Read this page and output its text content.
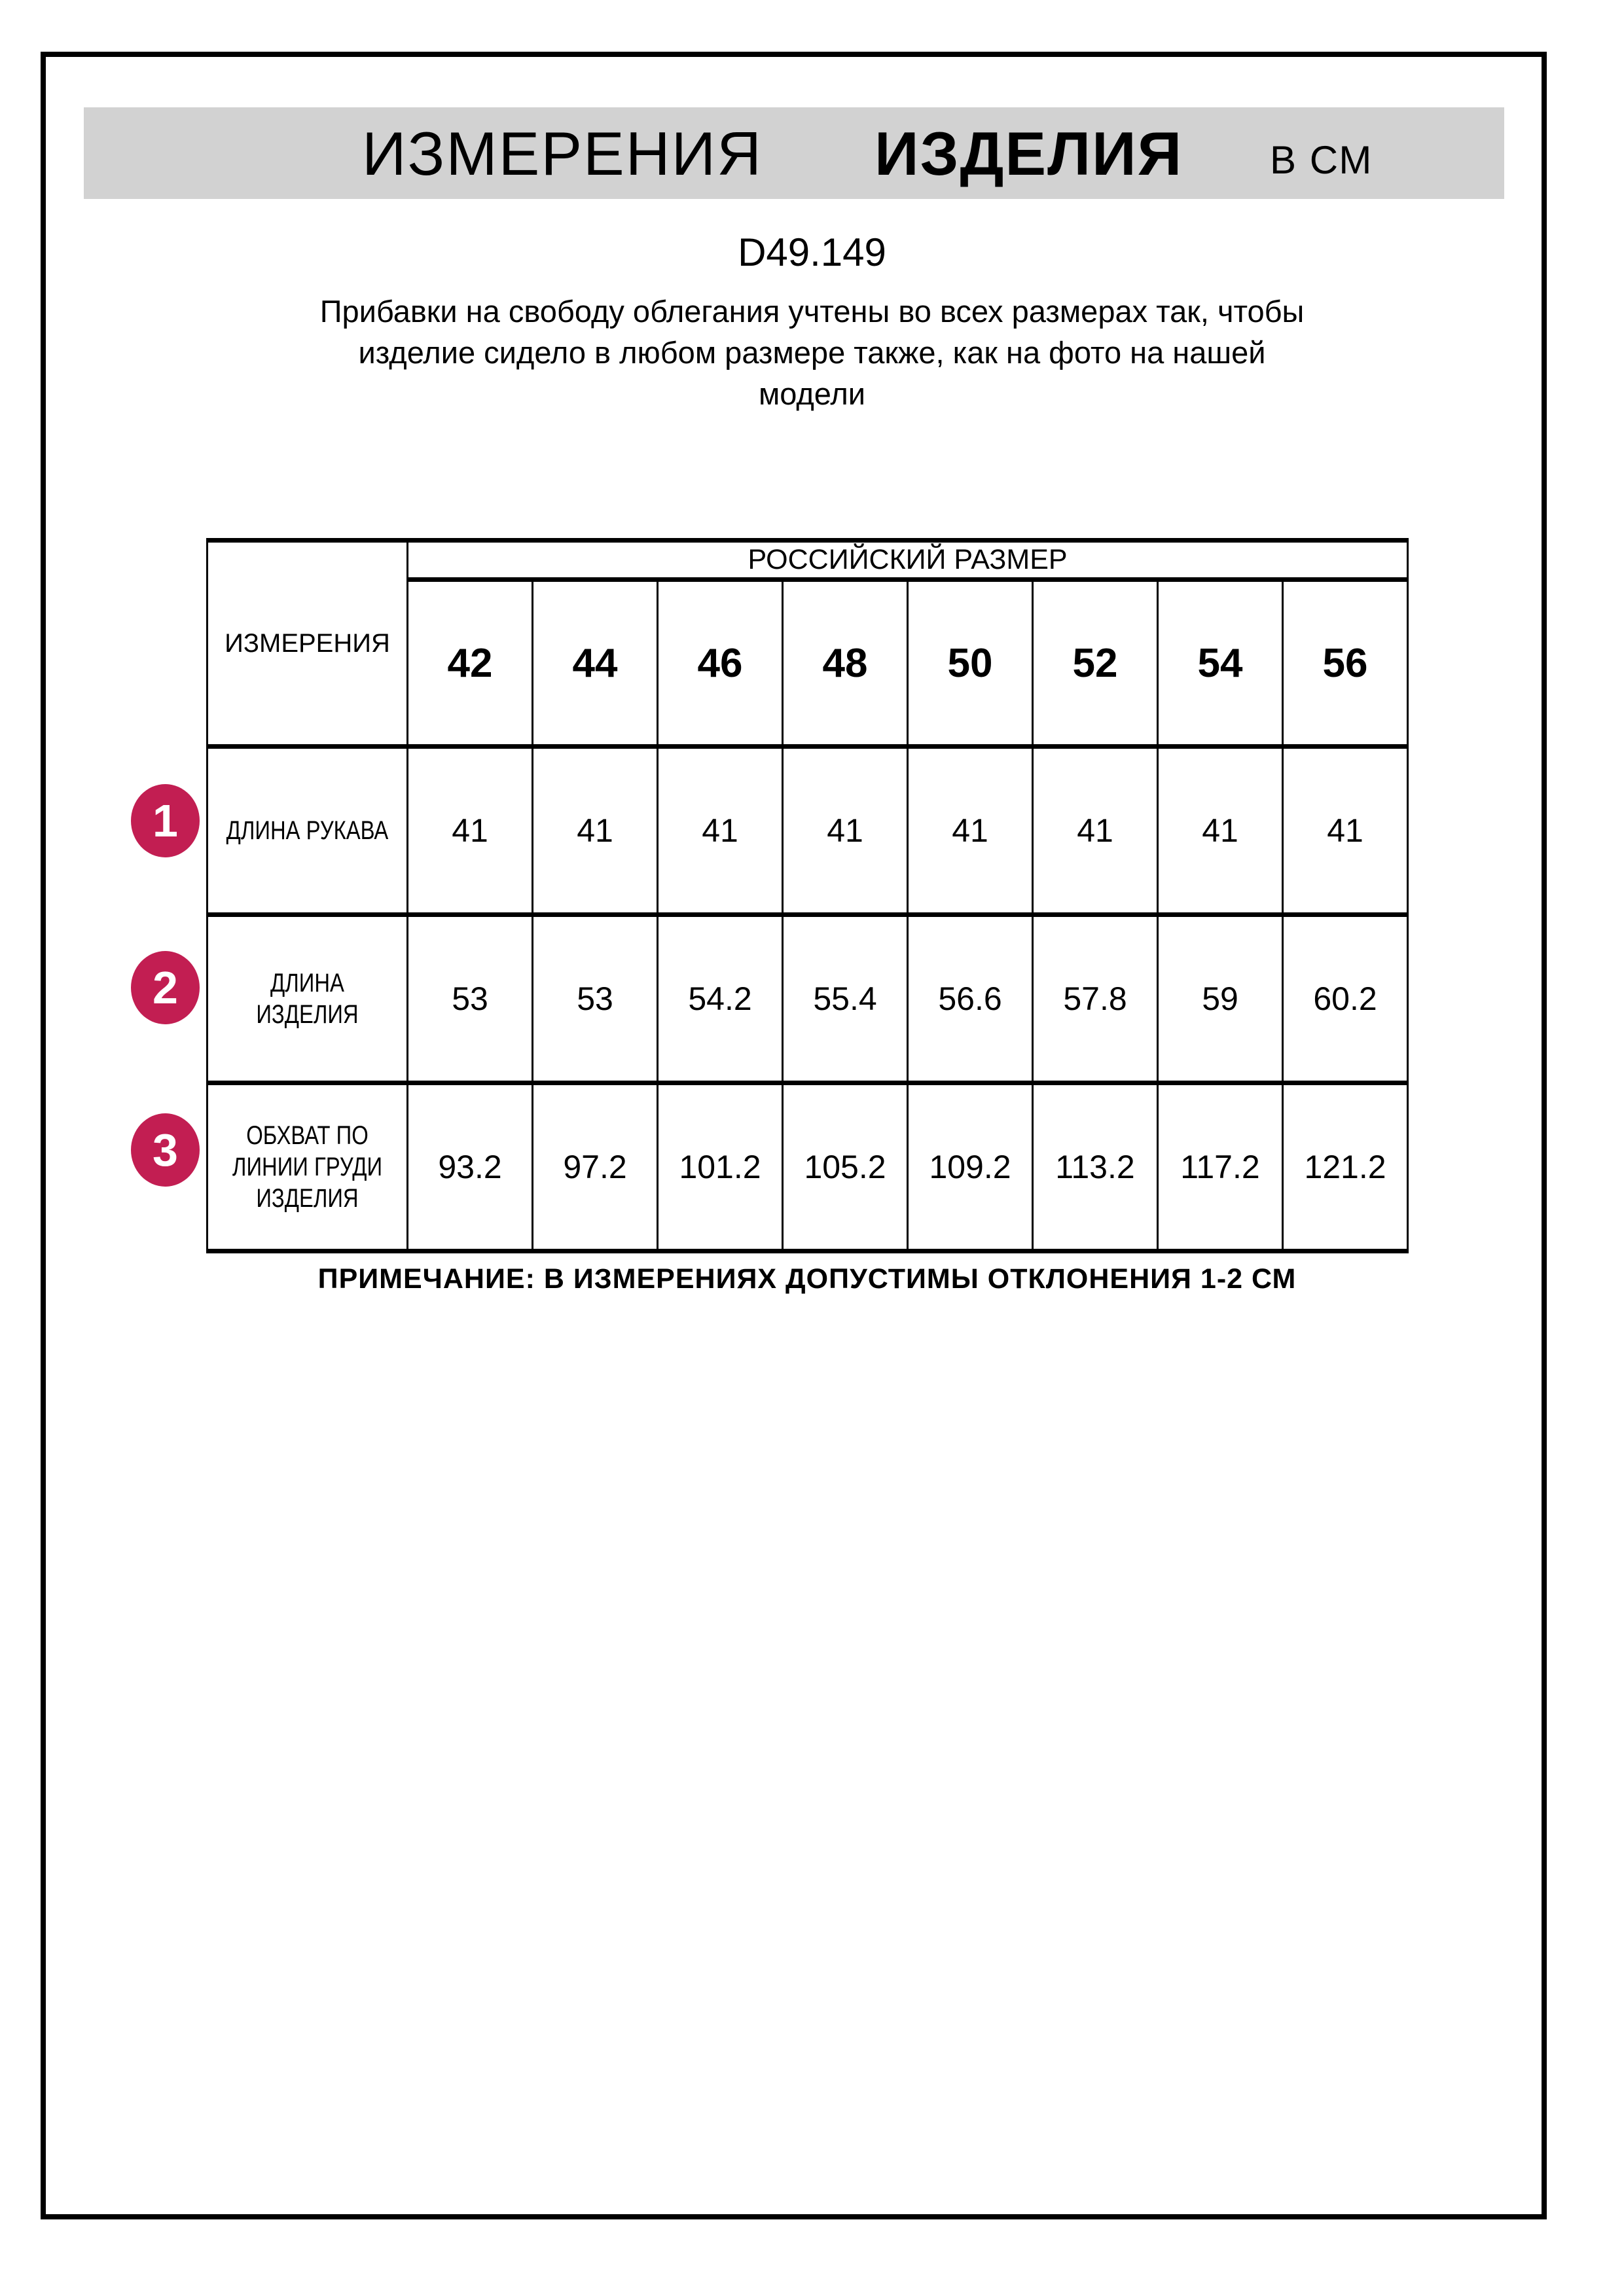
ИЗМЕРЕНИЯ ИЗДЕЛИЯ В СМ
D49.149
Прибавки на свободу облегания учтены во всех размерах так, чтобы
изделие сидело в любом размере также, как на фото на нашей
модели
ИЗМЕРЕНИЯ	РОССИЙСКИЙ РАЗМЕР							
	42	44	46	48	50	52	54	56

ДЛИНА РУКАВА	41	41	41	41	41	41	41	41

ДЛИНА
ИЗДЕЛИЯ	53	53	54.2	55.4	56.6	57.8	59	60.2

ОБХВАТ ПО
ЛИНИИ ГРУДИ
ИЗДЕЛИЯ	93.2	97.2	101.2	105.2	109.2	113.2	117.2	121.2
1
2
3
ПРИМЕЧАНИЕ: В ИЗМЕРЕНИЯХ ДОПУСТИМЫ ОТКЛОНЕНИЯ 1-2 СМ
